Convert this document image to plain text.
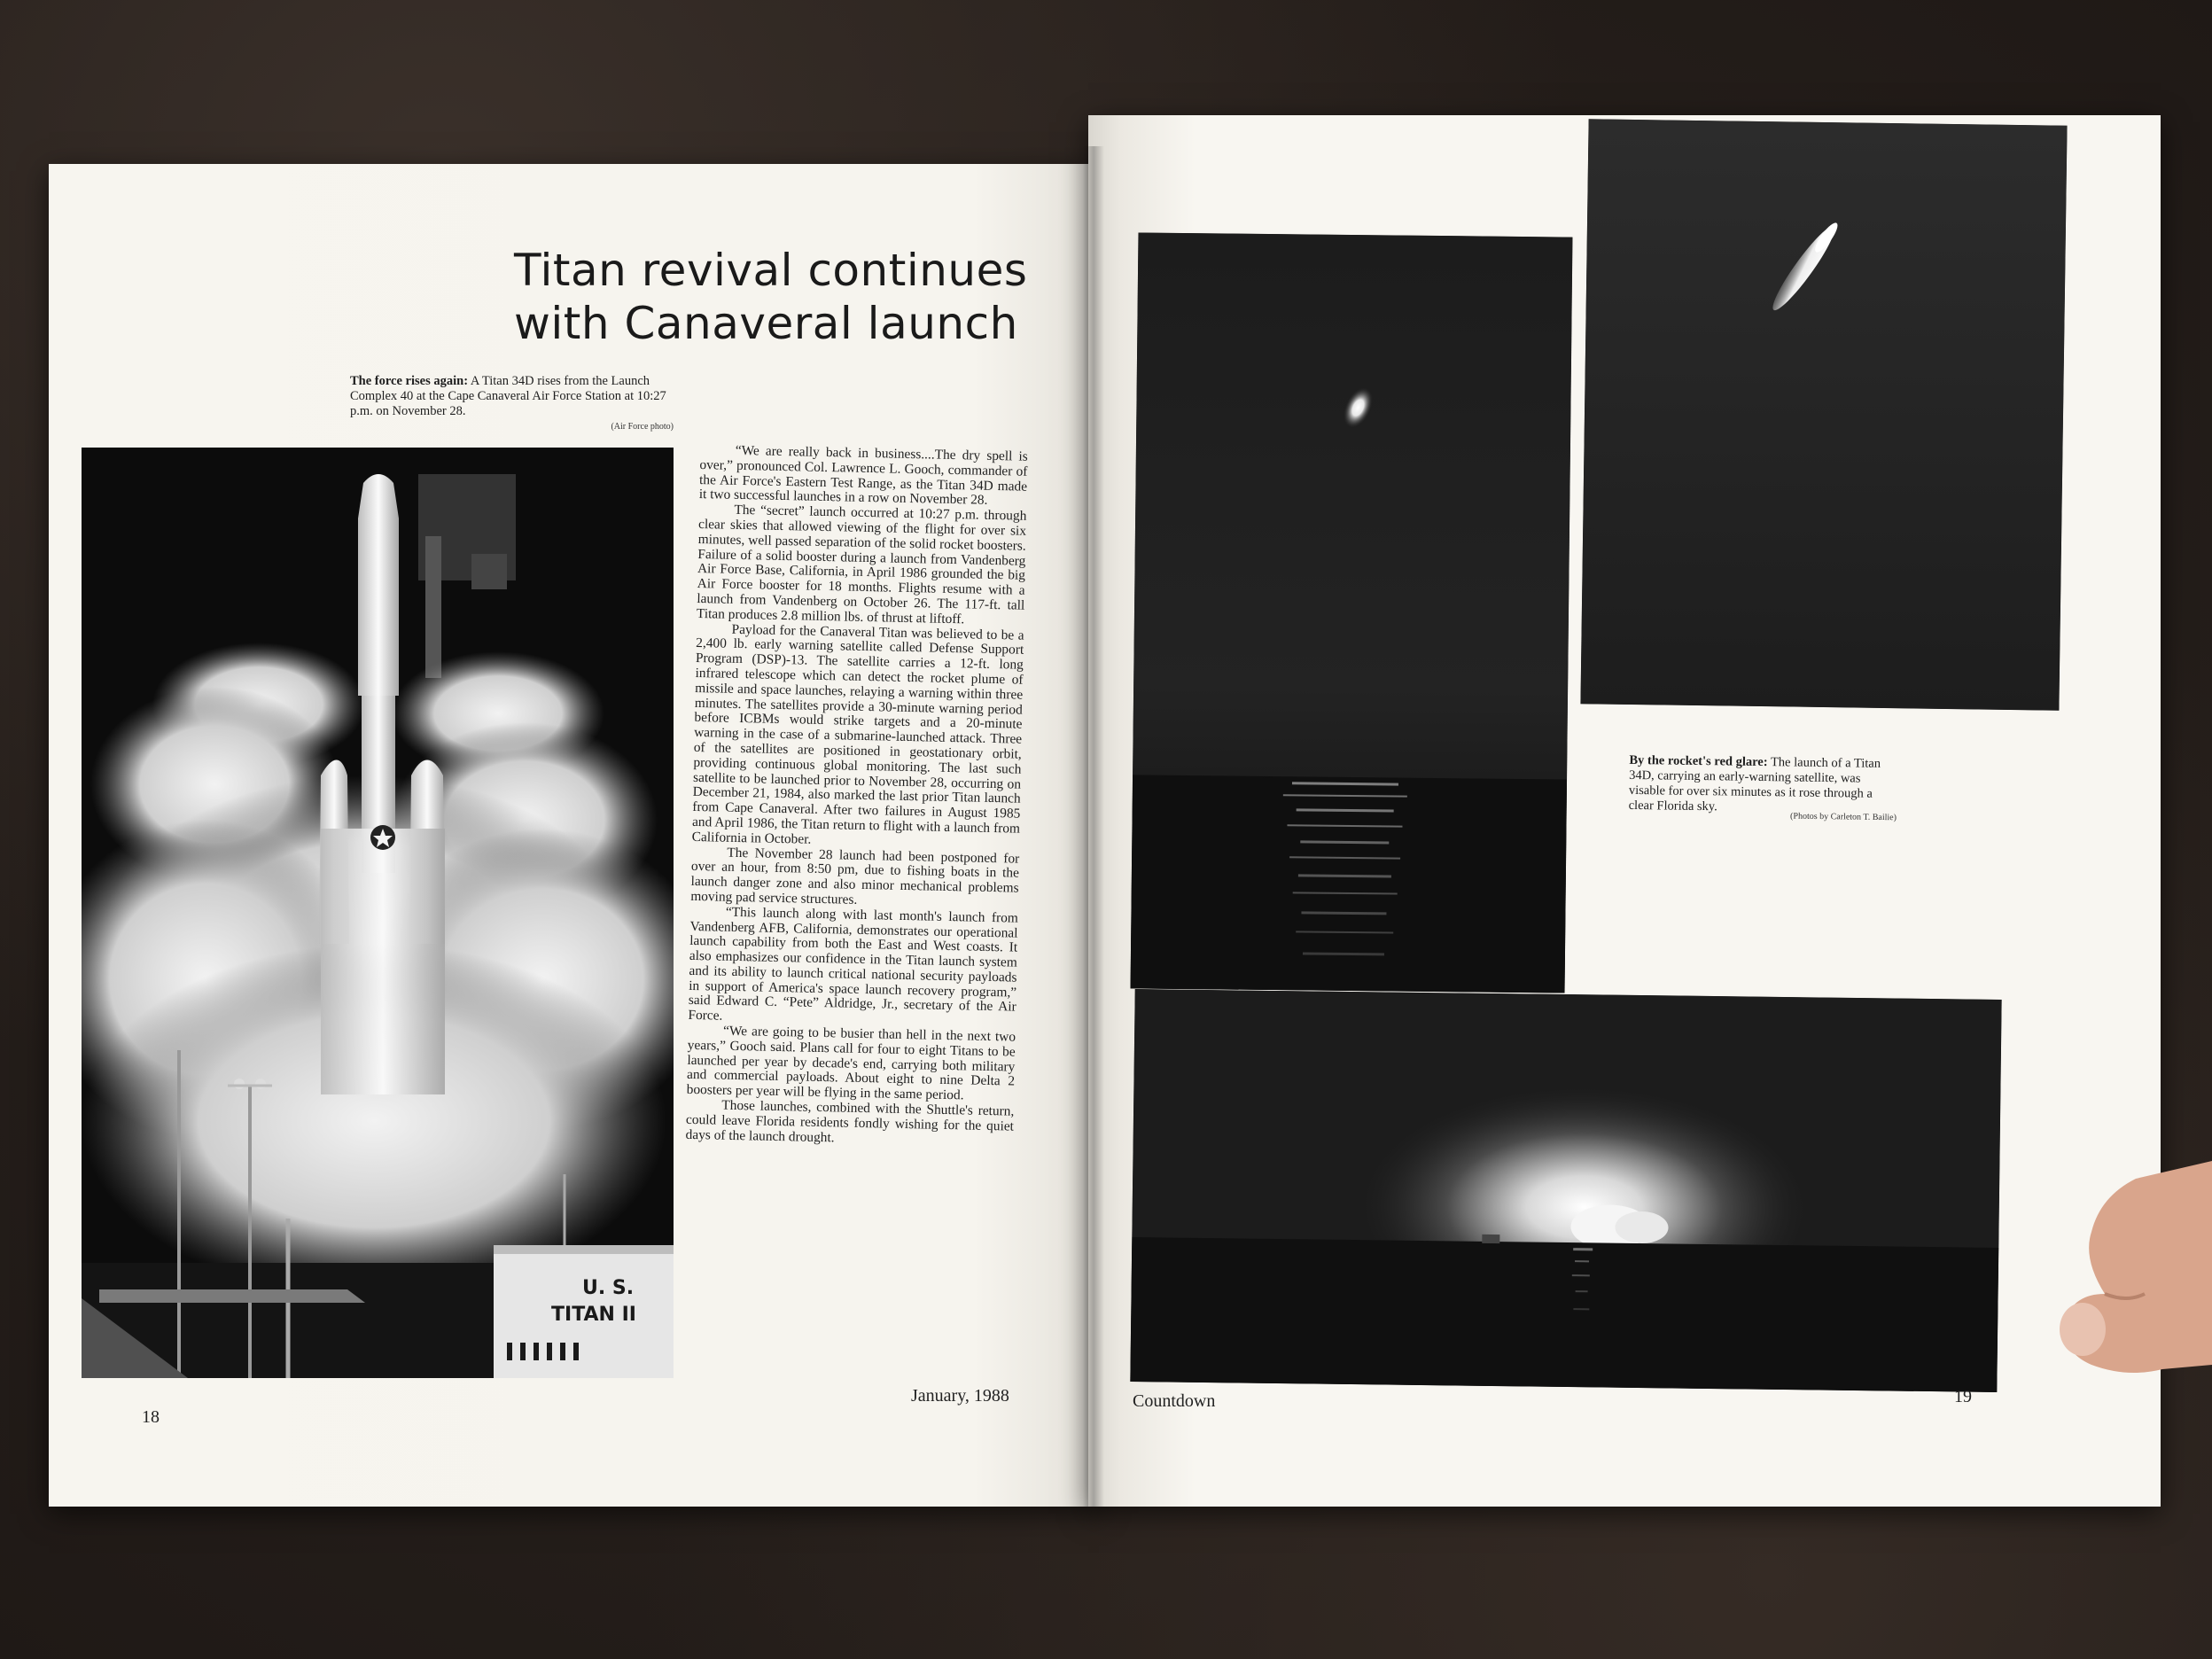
Titan revival continues
with Canaveral launch
The force rises again: A Titan 34D rises from the Launch Complex 40 at the Cape Canaveral Air Force Station at 10:27 p.m. on November 28.
(Air Force photo)
U. S.
TITAN II

“We are really back in business....The dry spell is over,” pronounced Col. Lawrence L. Gooch, commander of the Air Force's Eastern Test Range, as the Titan 34D made it two successful launches in a row on November 28.

The “secret” launch occurred at 10:27 p.m. through clear skies that allowed viewing of the flight for over six minutes, well passed separation of the solid rocket boosters. Failure of a solid booster during a launch from Vandenberg Air Force Base, California, in April 1986 grounded the big Air Force booster for 18 months. Flights resume with a launch from Vandenberg on October 26. The 117-ft. tall Titan produces 2.8 million lbs. of thrust at liftoff.

Payload for the Canaveral Titan was believed to be a 2,400 lb. early warning satellite called Defense Support Program (DSP)-13. The satellite carries a 12-ft. long infrared telescope which can detect the rocket plume of missile and space launches, relaying a warning within three minutes. The satellites provide a 30-minute warning period before ICBMs would strike targets and a 20-minute warning in the case of a submarine-launched attack. Three of the satellites are positioned in geostationary orbit, providing continuous global monitoring. The last such satellite to be launched prior to November 28, occurring on December 21, 1984, also marked the last prior Titan launch from Cape Canaveral. After two failures in August 1985 and April 1986, the Titan return to flight with a launch from California in October.

The November 28 launch had been postponed for over an hour, from 8:50 pm, due to fishing boats in the launch danger zone and also minor mechanical problems moving pad service structures.

“This launch along with last month's launch from Vandenberg AFB, California, demonstrates our operational launch capability from both the East and West coasts. It also emphasizes our confidence in the Titan launch system and its ability to launch critical national security payloads in support of America's space launch recovery program,” said Edward C. “Pete” Aldridge, Jr., secretary of the Air Force.

“We are going to be busier than hell in the next two years,” Gooch said. Plans call for four to eight Titans to be launched per year by decade's end, carrying both military and commercial payloads. About eight to nine Delta 2 boosters per year will be flying in the same period.

Those launches, combined with the Shuttle's return, could leave Florida residents fondly wishing for the quiet days of the launch drought.

18
January, 1988
By the rocket's red glare: The launch of a Titan 34D, carrying an early-warning satellite, was visable for over six minutes as it rose through a clear Florida sky.
(Photos by Carleton T. Bailie)
Countdown	19
